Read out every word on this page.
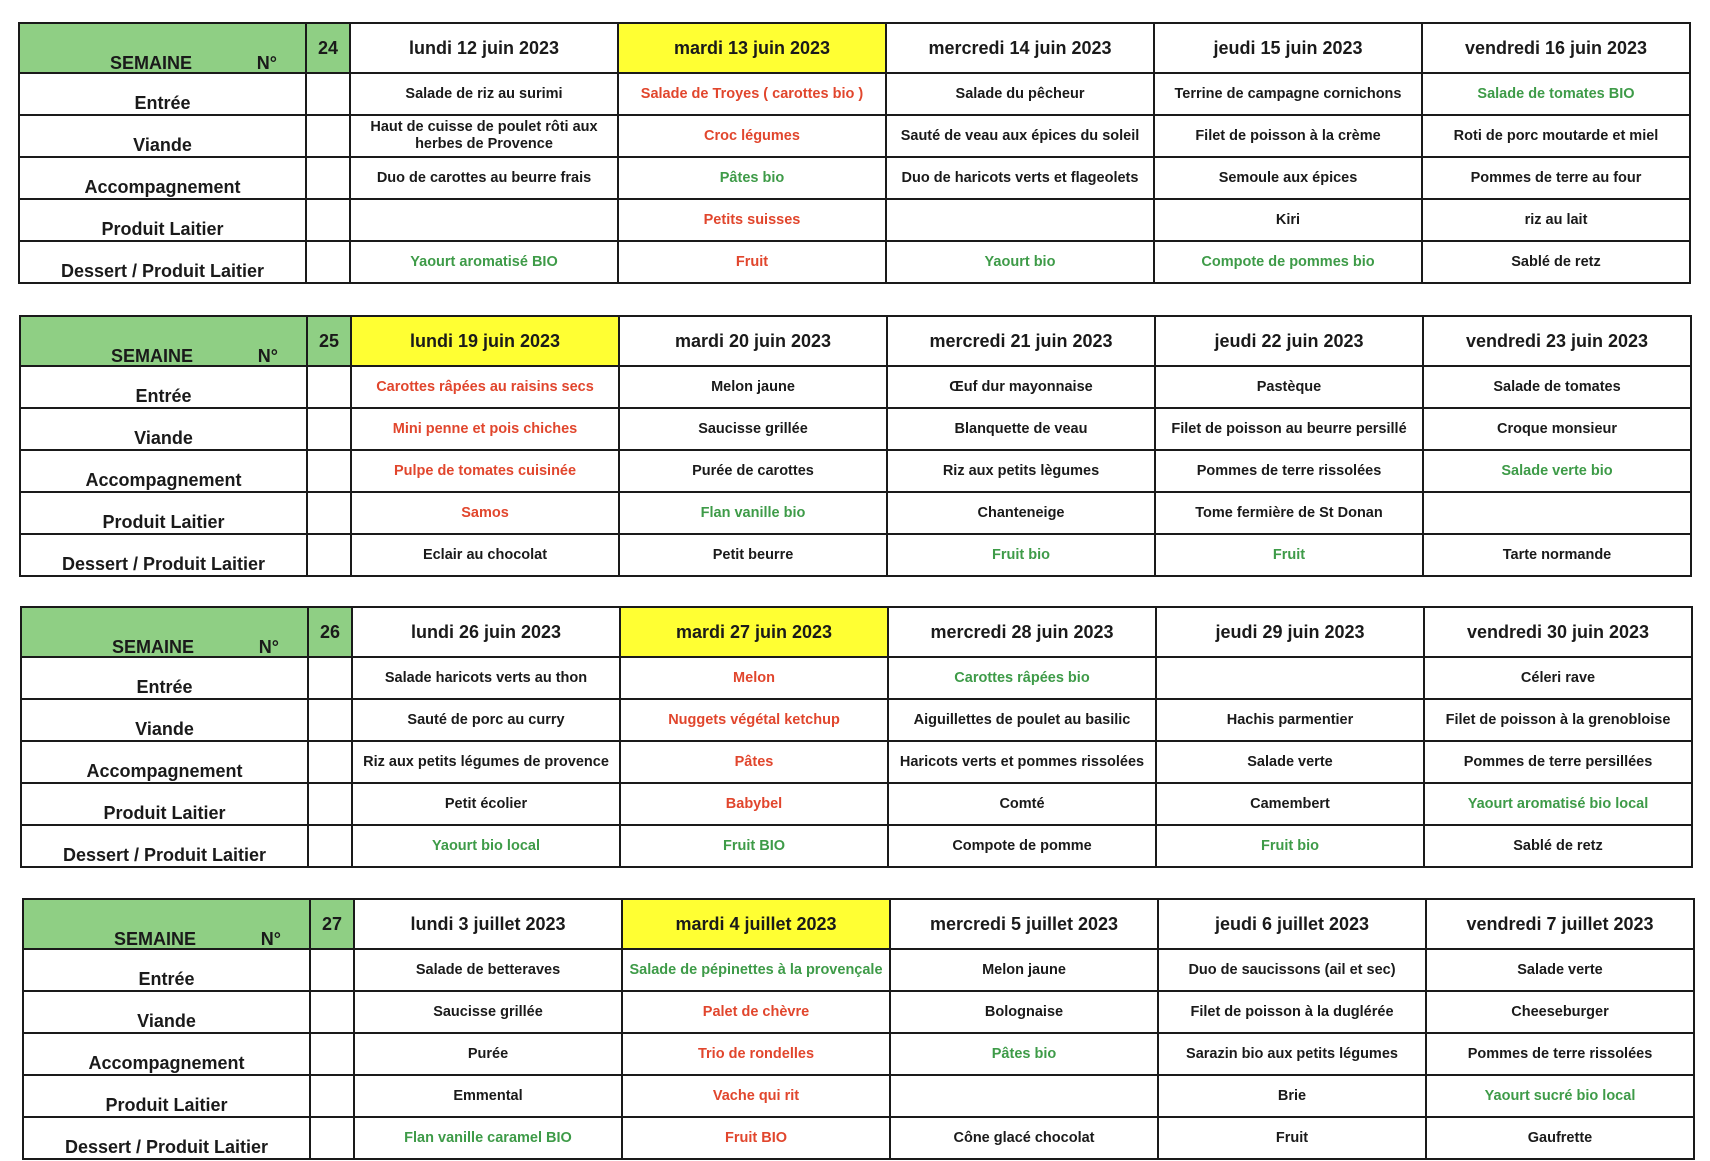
SEMAINE N°	24	lundi 12 juin 2023	mardi 13 juin 2023	mercredi 14 juin 2023	jeudi 15 juin 2023	vendredi 16 juin 2023
Entrée		Salade de riz au surimi	Salade de Troyes ( carottes bio )	Salade du pêcheur	Terrine de campagne cornichons	Salade de tomates BIO
Viande		Haut de cuisse de poulet rôti aux herbes de Provence	Croc légumes	Sauté de veau aux épices du soleil	Filet de poisson à la crème	Roti de porc moutarde et miel
Accompagnement		Duo de carottes au beurre frais	Pâtes bio	Duo de haricots verts et flageolets	Semoule aux épices	Pommes de terre au four
Produit Laitier			Petits suisses		Kiri	riz au lait
Dessert / Produit Laitier		Yaourt aromatisé BIO	Fruit	Yaourt bio	Compote de pommes bio	Sablé de retz
SEMAINE N°	25	lundi 19 juin 2023	mardi 20 juin 2023	mercredi 21 juin 2023	jeudi 22 juin 2023	vendredi 23 juin 2023
Entrée		Carottes râpées au raisins secs	Melon jaune	Œuf dur mayonnaise	Pastèque	Salade de tomates
Viande		Mini penne et pois chiches	Saucisse grillée	Blanquette de veau	Filet de poisson au beurre persillé	Croque monsieur
Accompagnement		Pulpe de tomates cuisinée	Purée de carottes	Riz aux petits lègumes	Pommes de terre rissolées	Salade verte bio
Produit Laitier		Samos	Flan vanille bio	Chanteneige	Tome fermière de St Donan	
Dessert / Produit Laitier		Eclair au chocolat	Petit beurre	Fruit bio	Fruit	Tarte normande
SEMAINE N°	26	lundi 26 juin 2023	mardi 27 juin 2023	mercredi 28 juin 2023	jeudi 29 juin 2023	vendredi 30 juin 2023
Entrée		Salade haricots verts au thon	Melon	Carottes râpées bio		Céleri rave
Viande		Sauté de porc au curry	Nuggets végétal ketchup	Aiguillettes de poulet au basilic	Hachis parmentier	Filet de poisson à la grenobloise
Accompagnement		Riz aux petits légumes de provence	Pâtes	Haricots verts et pommes rissolées	Salade verte	Pommes de terre persillées
Produit Laitier		Petit écolier	Babybel	Comté	Camembert	Yaourt aromatisé bio local
Dessert / Produit Laitier		Yaourt bio local	Fruit BIO	Compote de pomme	Fruit bio	Sablé de retz
SEMAINE N°	27	lundi 3 juillet 2023	mardi 4 juillet 2023	mercredi 5 juillet 2023	jeudi 6 juillet 2023	vendredi 7 juillet 2023
Entrée		Salade de betteraves	Salade de pépinettes à la provençale	Melon jaune	Duo de saucissons (ail et sec)	Salade verte
Viande		Saucisse grillée	Palet de chèvre	Bolognaise	Filet de poisson à la duglérée	Cheeseburger
Accompagnement		Purée	Trio de rondelles	Pâtes bio	Sarazin bio aux petits légumes	Pommes de terre rissolées
Produit Laitier		Emmental	Vache qui rit		Brie	Yaourt sucré bio local
Dessert / Produit Laitier		Flan vanille caramel BIO	Fruit BIO	Cône glacé chocolat	Fruit	Gaufrette
